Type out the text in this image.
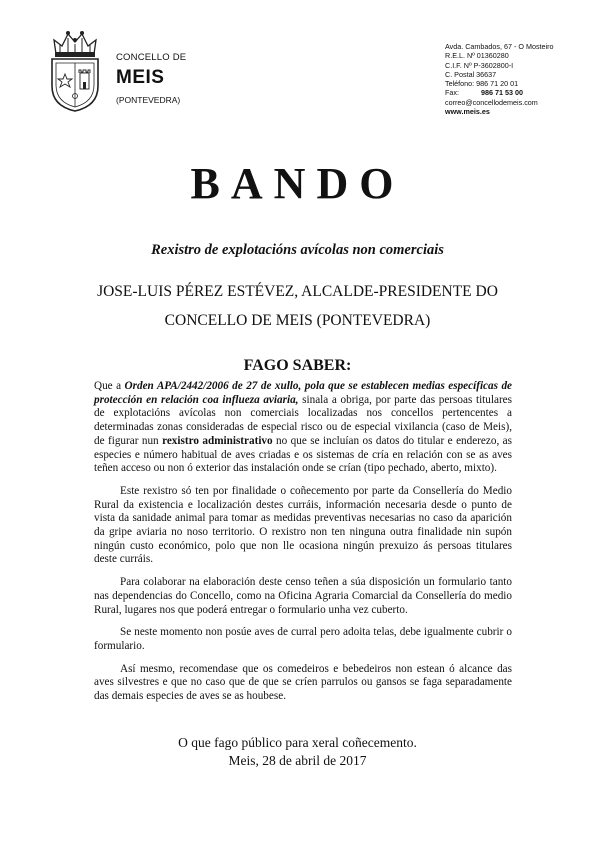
CONCELLO DE
MEIS
(PONTEVEDRA)
Avda. Cambados, 67 - O Mosteiro
R.E.L. Nº 01360280
C.I.F. Nº P-3602800-I
C. Postal 36637
Teléfono: 986 71 20 01
Fax:	986 71 53 00
correo@concellodemeis.com
www.meis.es
BANDO
Rexistro de explotacións avícolas non comerciais
JOSE-LUIS PÉREZ ESTÉVEZ, ALCALDE-PRESIDENTE DO
CONCELLO DE MEIS (PONTEVEDRA)
FAGO SABER:

Que a Orden APA/2442/2006 de 27 de xullo, pola que se establecen medias específicas de protección en relación coa influeza aviaria, sinala a obriga, por parte das persoas titulares de explotacións avícolas non comerciais localizadas nos concellos pertencentes a determinadas zonas consideradas de especial risco ou de especial vixilancia (caso de Meis), de figurar nun rexistro administrativo no que se incluían os datos do titular e enderezo, as especies e número habitual de aves criadas e os sistemas de cría en relación con se as aves teñen acceso ou non ó exterior das instalación onde se crían (tipo pechado, aberto, mixto).

Este rexistro só ten por finalidade o coñecemento por parte da Consellería do Medio Rural da existencia e localización destes curráis, información necesaria desde o punto de vista da sanidade animal para tomar as medidas preventivas necesarias no caso da aparición da gripe aviaria no noso territorio. O rexistro non ten ninguna outra finalidade nin supón ningún custo económico, polo que non lle ocasiona ningún prexuizo ás persoas titulares deste curráis.

Para colaborar na elaboración deste censo teñen a súa disposición un formulario tanto nas dependencias do Concello, como na Oficina Agraria Comarcial da Consellería do medio Rural, lugares nos que poderá entregar o formulario unha vez cuberto.

Se neste momento non posúe aves de curral pero adoita telas, debe igualmente cubrir o formulario.

Así mesmo, recomendase que os comedeiros e bebedeiros non estean ó alcance das aves silvestres e que no caso que de que se críen parrulos ou gansos se faga separadamente das demais especies de aves se as houbese.

O que fago público para xeral coñecemento.
Meis, 28 de abril de 2017
